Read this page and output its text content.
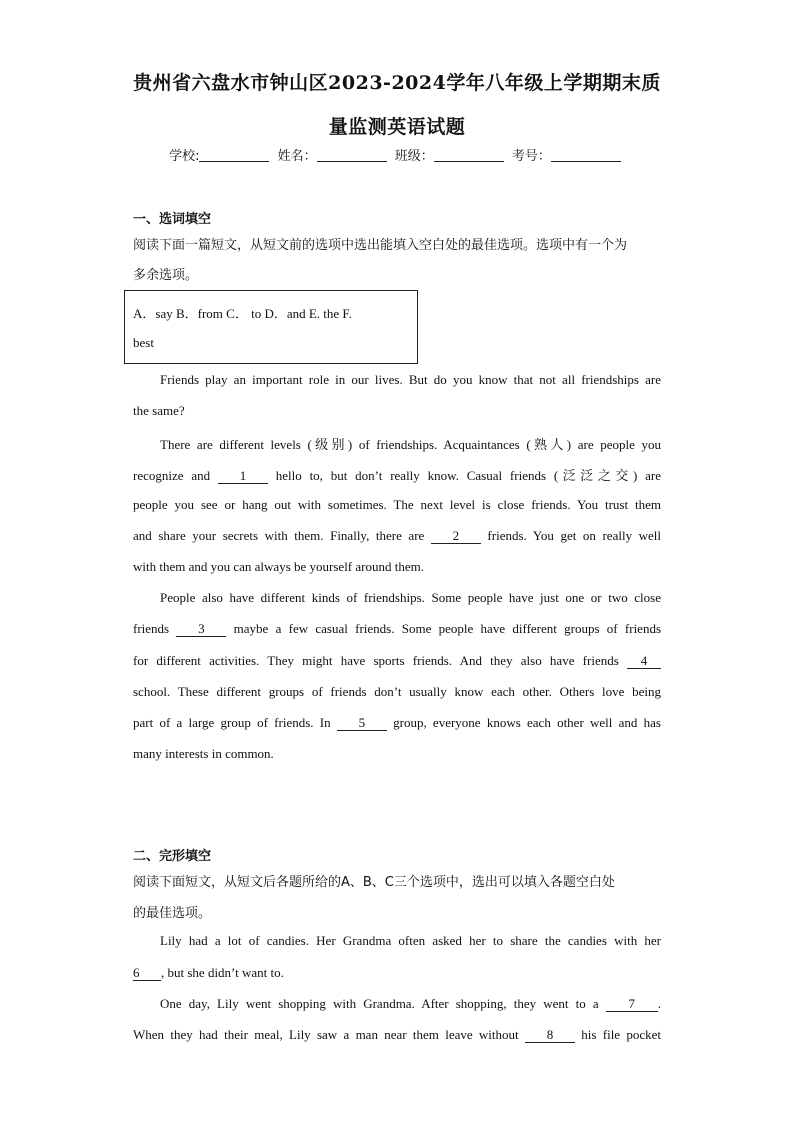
贵州省六盘水市钟山区2023-2024学年八年级上学期期末质
量监测英语试题
学校:	姓名：	班级：	考号：
一、选词填空
阅读下面一篇短文，从短文前的选项中选出能填入空白处的最佳选项。选项中有一个为
多余选项。
A．say B．from C． to D．and E. the F.
best
Friends play an important role in our lives. But do you know that not all friendships are
the same?
There are different levels (级别) of friendships. Acquaintances (熟人) are people you
recognize and 1 hello to, but don’t really know. Casual friends (泛泛之交) are
people you see or hang out with sometimes. The next level is close friends. You trust them
and share your secrets with them. Finally, there are 2 friends. You get on really well
with them and you can always be yourself around them.
People also have different kinds of friendships. Some people have just one or two close
friends 3 maybe a few casual friends. Some people have different groups of friends
for different activities. They might have sports friends. And they also have friends 4
school. These different groups of friends don’t usually know each other. Others love being
part of a large group of friends. In 5 group, everyone knows each other well and has
many interests in common.
二、完形填空
阅读下面短文，从短文后各题所给的A、B、C三个选项中，选出可以填入各题空白处
的最佳选项。
Lily had a lot of candies. Her Grandma often asked her to share the candies with her
6 , but she didn’t want to.
One day, Lily went shopping with Grandma. After shopping, they went to a 7 .
When they had their meal, Lily saw a man near them leave without 8 his file pocket
